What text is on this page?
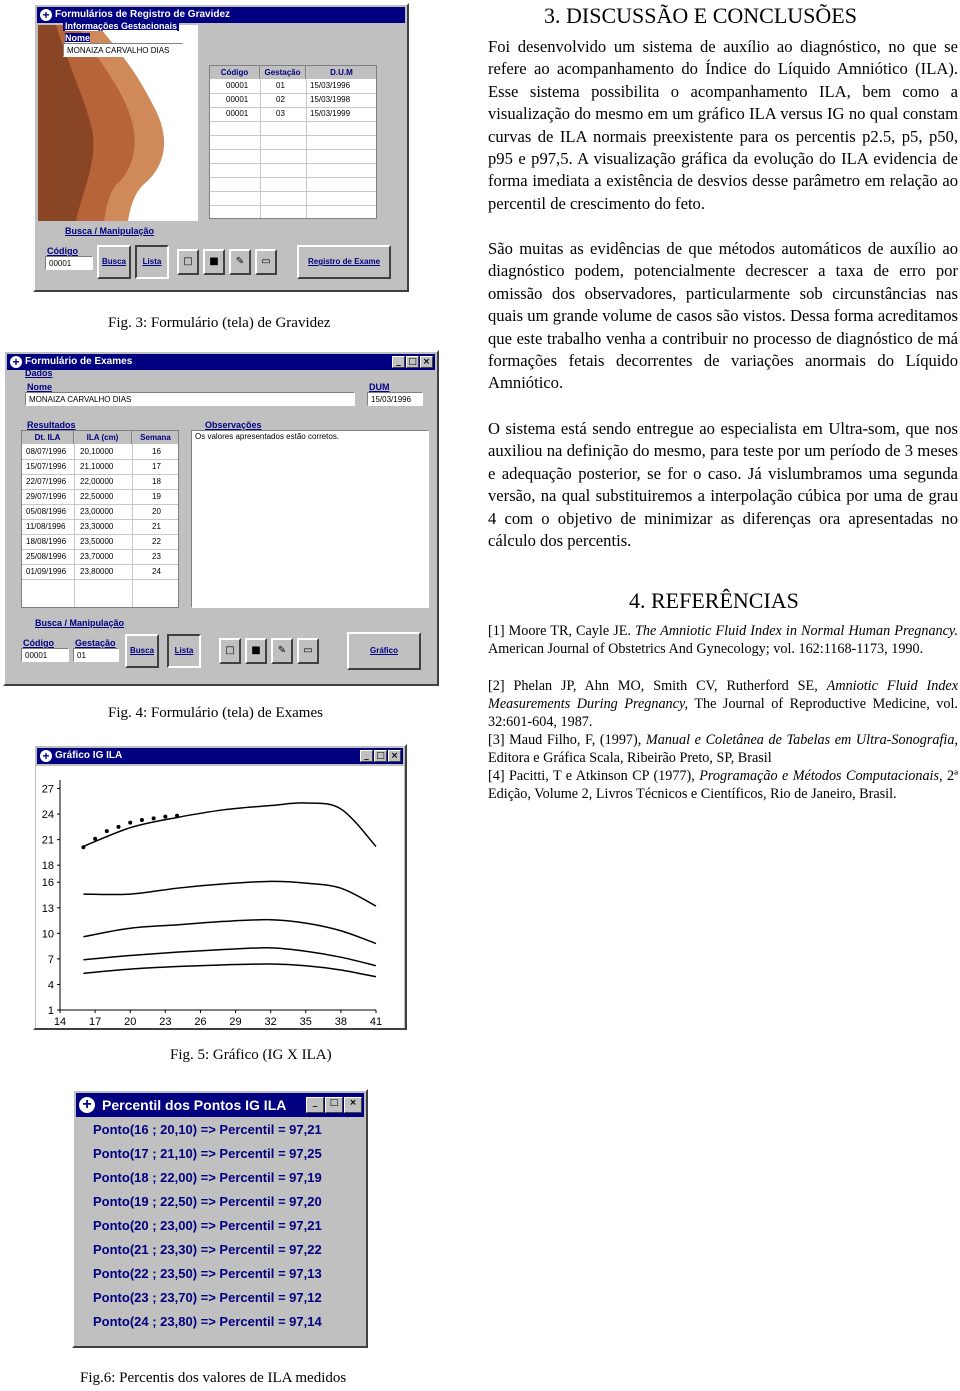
+ Formulários de Registro de Gravidez
Informações Gestacionais
Nome
MONAIZA CARVALHO DIAS
Código	Gestação	D.U.M
00001	01	15/03/1996
00001	02	15/03/1998
00001	03	15/03/1999
Busca / Manipulação
Código
00001	Busca	Lista	□	■	✎	▭	Registro de Exame
Fig. 3: Formulário (tela) de Gravidez
+ Formulário de Exames	_ □ ×
Dados
Nome
MONAIZA CARVALHO DIAS
DUM
15/03/1996
Resultados	Observações
Dt. ILA	ILA (cm)	Semana
08/07/1996 20,10000	16
15/07/1996 21,10000	17
22/07/1996 22,00000	18
29/07/1996 22,50000	19
05/08/1996 23,00000	20
11/08/1996 23,30000	21
18/08/1996 23,50000	22
25/08/1996 23,70000	23
01/09/1996 23,80000	24
Os valores apresentados estão corretos.
Busca / Manipulação
Código
00001
Gestação
01
Busca	Lista	□	■	✎	▭	Gráfico
Fig. 4: Formulário (tela) de Exames
+ Gráfico IG ILA	_ □ ×
1
4
7
10
13
16
18
21
24
27
14 17 20 23 26 29 32 35 38 41
Fig. 5: Gráfico (IG X ILA)
+ Percentil dos Pontos IG ILA	_	□	×
Ponto(16 ; 20,10) => Percentil = 97,21
Ponto(17 ; 21,10) => Percentil = 97,25
Ponto(18 ; 22,00) => Percentil = 97,19
Ponto(19 ; 22,50) => Percentil = 97,20
Ponto(20 ; 23,00) => Percentil = 97,21
Ponto(21 ; 23,30) => Percentil = 97,22
Ponto(22 ; 23,50) => Percentil = 97,13
Ponto(23 ; 23,70) => Percentil = 97,12
Ponto(24 ; 23,80) => Percentil = 97,14
Fig.6: Percentis dos valores de ILA medidos
3. DISCUSSÃO E CONCLUSÕES
Foi desenvolvido um sistema de auxílio ao diagnóstico, no que se refere ao acompanhamento do Índice do Líquido Amniótico (ILA). Esse sistema possibilita o acompanhamento ILA, bem como a visualização do mesmo em um gráfico ILA versus IG no qual constam curvas de ILA normais preexistente para os percentis p2.5, p5, p50, p95 e p97,5. A visualização gráfica da evolução do ILA evidencia de forma imediata a existência de desvios desse parâmetro em relação ao percentil de crescimento do feto.
São muitas as evidências de que métodos automáticos de auxílio ao diagnóstico podem, potencialmente decrescer a taxa de erro por omissão dos observadores, particularmente sob circunstâncias nas quais um grande volume de casos são vistos. Dessa forma acreditamos que este trabalho venha a contribuir no processo de diagnóstico de má formações fetais decorrentes de variações anormais do Líquido Amniótico.
O sistema está sendo entregue ao especialista em Ultra-som, que nos auxiliou na definição do mesmo, para teste por um período de 3 meses e adequação posterior, se for o caso. Já vislumbramos uma segunda versão, na qual substituiremos a interpolação cúbica por uma de grau 4 com o objetivo de minimizar as diferenças ora apresentadas no cálculo dos percentis.
4. REFERÊNCIAS
[1] Moore TR, Cayle JE. The Amniotic Fluid Index in Normal Human Pregnancy. American Journal of Obstetrics And Gynecology; vol. 162:1168-1173, 1990.
[2] Phelan JP, Ahn MO, Smith CV, Rutherford SE, Amniotic Fluid Index Measurements During Pregnancy, The Journal of Reproductive Medicine, vol. 32:601-604, 1987.
[3] Maud Filho, F, (1997), Manual e Coletânea de Tabelas em Ultra-Sonografia, Editora e Gráfica Scala, Ribeirão Preto, SP, Brasil
[4] Pacitti, T e Atkinson CP (1977), Programação e Métodos Computacionais, 2ª Edição, Volume 2, Livros Técnicos e Científicos, Rio de Janeiro, Brasil.
